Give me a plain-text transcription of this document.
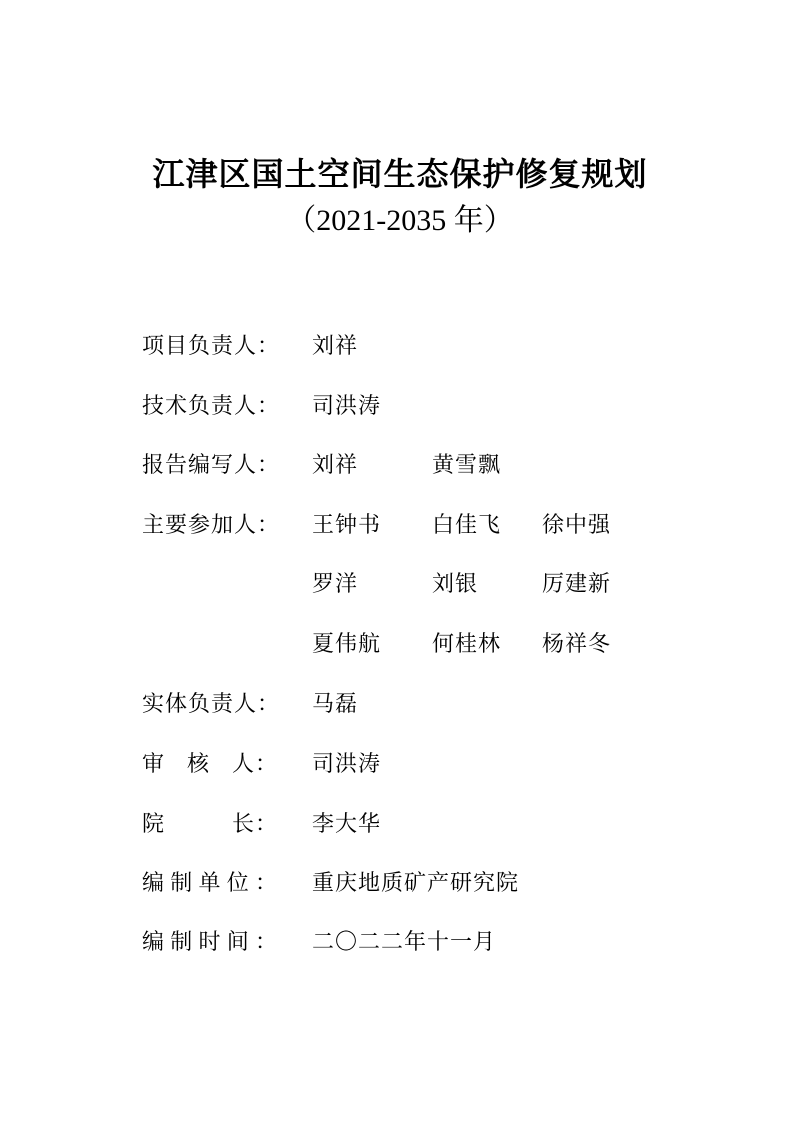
江津区国土空间生态保护修复规划
（2021-2035 年）
项目负责人： 刘祥
技术负责人： 司洪涛
报告编写人： 刘祥	黄雪飘
主要参加人： 王钟书 白佳飞 徐中强
罗洋	刘银	厉建新
夏伟航 何桂林 杨祥冬
实体负责人： 马磊
审 核 人： 司洪涛
院	长： 李大华
编 制 单 位 ： 重庆地质矿产研究院
编 制 时 间 ： 二〇二二年十一月
